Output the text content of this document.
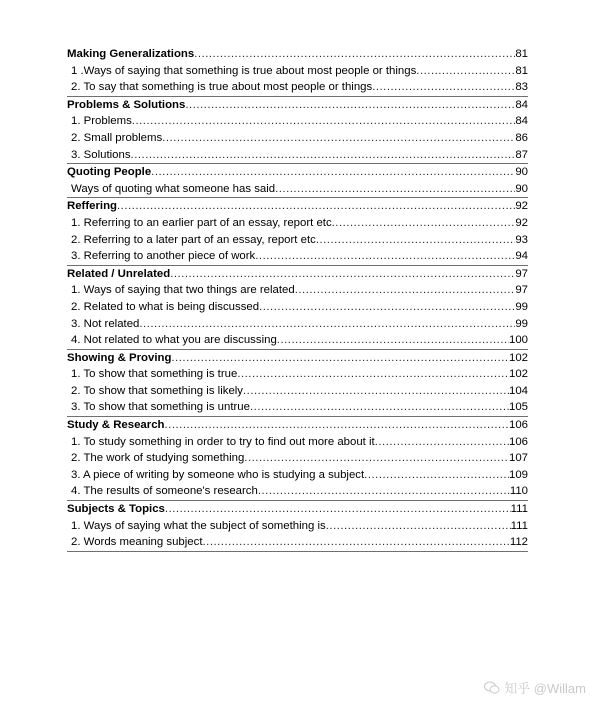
Making Generalizations .....	81
1 .Ways of saying that something is true about most people or things .....	81
2. To say that something is true about most people or things .....	83
Problems & Solutions .....	84
1. Problems .....	84
2. Small problems .....	86
3. Solutions .....	87
Quoting People .....	90
Ways of quoting what someone has said .....	90
Reffering .....	92
1. Referring to an earlier part of an essay, report etc .....	92
2. Referring to a later part of an essay, report etc .....	93
3. Referring to another piece of work .....	94
Related / Unrelated .....	97
1. Ways of saying that two things are related .....	97
2. Related to what is being discussed .....	99
3. Not related .....	99
4. Not related to what you are discussing .....	100
Showing & Proving .....	102
1. To show that something is true .....	102
2. To show that something is likely .....	104
3. To show that something is untrue .....	105
Study & Research .....	106
1. To study something in order to try to find out more about it .....	106
2. The work of studying something .....	107
3. A piece of writing by someone who is studying a subject .....	109
4. The results of someone's research .....	110
Subjects & Topics .....	111
1. Ways of saying what the subject of something is .....	111
2. Words meaning subject .....	112
知乎 @Willam
